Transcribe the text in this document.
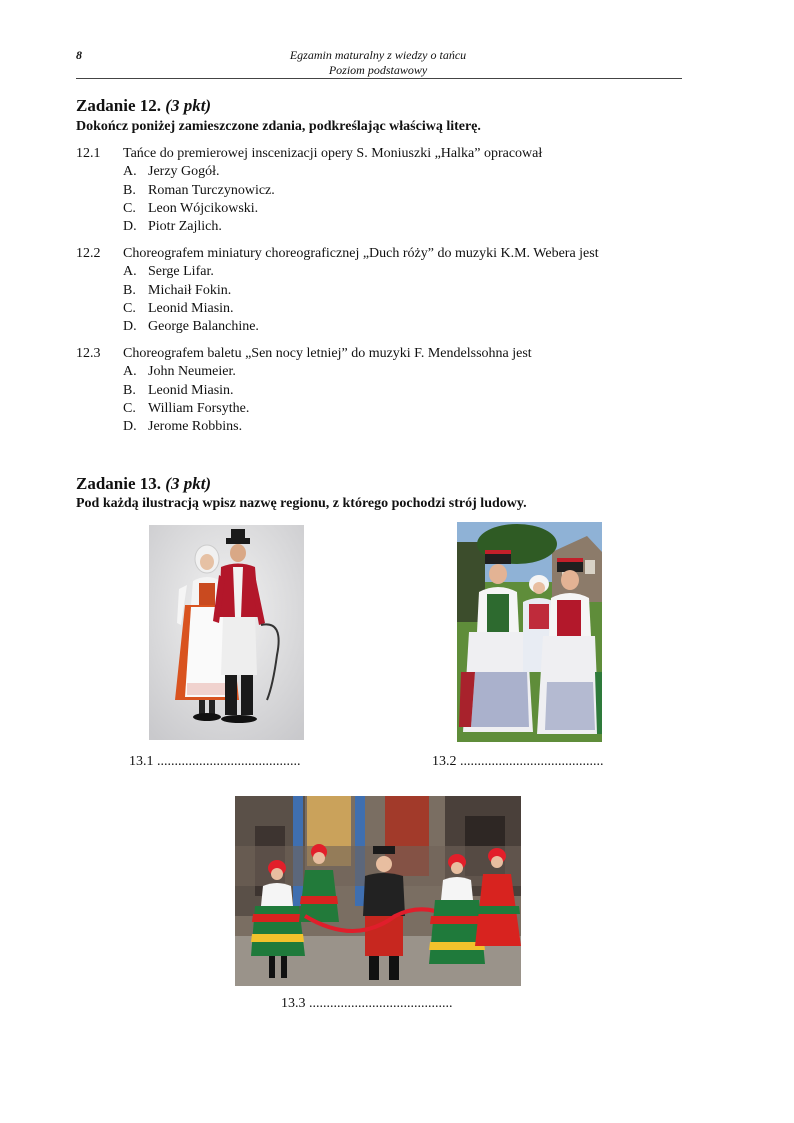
8	Egzamin maturalny z wiedzy o tańcu
Poziom podstawowy
Zadanie 12. (3 pkt)
Dokończ poniżej zamieszczone zdania, podkreślając właściwą literę.
12.1	Tańce do premierowej inscenizacji opery S. Moniuszki „Halka” opracował
A. Jerzy Gogół.
B. Roman Turczynowicz.
C. Leon Wójcikowski.
D. Piotr Zajlich.
12.2	Choreografem miniatury choreograficznej „Duch róży” do muzyki K.M. Webera jest
A. Serge Lifar.
B. Michaił Fokin.
C. Leonid Miasin.
D. George Balanchine.
12.3	Choreografem baletu „Sen nocy letniej” do muzyki F. Mendelssohna jest
A. John Neumeier.
B. Leonid Miasin.
C. William Forsythe.
D. Jerome Robbins.
Zadanie 13. (3 pkt)
Pod każdą ilustracją wpisz nazwę regionu, z którego pochodzi strój ludowy.
13.1 .........................................	13.2 .........................................
13.3 .........................................
